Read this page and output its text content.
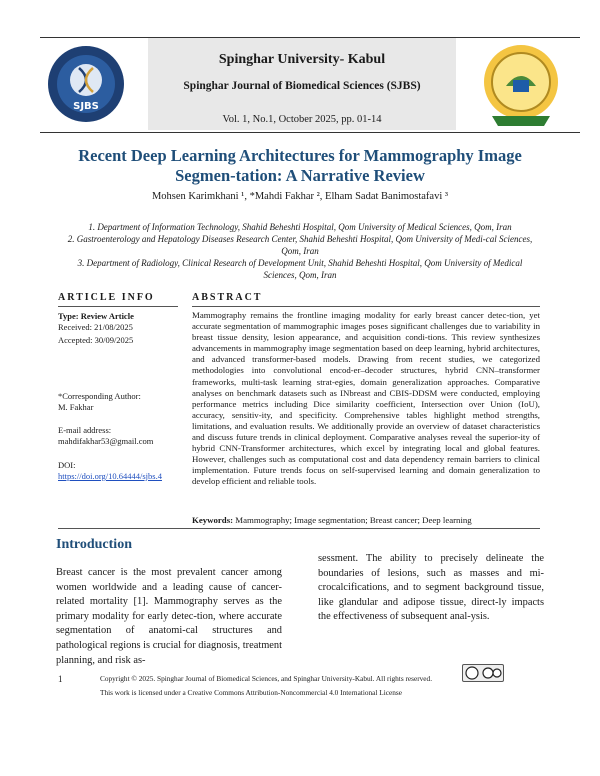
SJBS
Spinghar University- Kabul
Spinghar Journal of Biomedical Sciences (SJBS)
Vol. 1, No.1, October 2025, pp. 01-14
Recent Deep Learning Architectures for Mammography Image Segmen-tation: A Narrative Review
Mohsen Karimkhani ¹, *Mahdi Fakhar ², Elham Sadat Banimostafavi ³
1. Department of Information Technology, Shahid Beheshti Hospital, Qom University of Medical Sciences, Qom, Iran
2. Gastroenterology and Hepatology Diseases Research Center, Shahid Beheshti Hospital, Qom University of Medi-cal Sciences, Qom, Iran
3. Department of Radiology, Clinical Research of Development Unit, Shahid Beheshti Hospital, Qom University of Medical Sciences, Qom, Iran
ARTICLE INFO	ABSTRACT
Type: Review Article
Received: 21/08/2025
Accepted: 30/09/2025
*Corresponding Author:
M. Fakhar
E-mail address:
mahdifakhar53@gmail.com
DOI:
https://doi.org/10.64444/sjbs.4
Mammography remains the frontline imaging modality for early breast cancer detec-tion, yet accurate segmentation of mammographic images poses significant challenges due to variability in breast tissue density, lesion appearance, and acquisition condi-tions. This review synthesizes advancements in mammography image segmentation based on deep learning, hybrid architectures, and advanced transformer-based models. Drawing from recent studies, we categorized methodologies into convolutional encod-er–decoder structures, hybrid CNN–transformer frameworks, multi-task learning strat-egies, domain generalization approaches. Comparative analyses on benchmark datasets such as INbreast and CBIS-DDSM were conducted, employing performance metrics including Dice similarity coefficient, Intersection over Union (IoU), accuracy, sensitiv-ity, and specificity. Comprehensive tables highlight method strengths, limitations, and evaluation results. We additionally provide an overview of dataset characteristics and discuss future trends in clinical deployment. Comparative analyses reveal the superior-ity of hybrid CNN-Transformer architectures, which excel by integrating local and global features. However, challenges such as computational cost and data dependency remain barriers to clinical implementation. Future trends focus on self-supervised learning and domain generalization to develop efficient and reliable tools.
Keywords: Mammography; Image segmentation; Breast cancer; Deep learning
Introduction
Breast cancer is the most prevalent cancer among women worldwide and a leading cause of cancer-related mortality [1]. Mammography serves as the primary modality for early detec-tion, where accurate segmentation of anatomi-cal structures and pathological regions is crucial for diagnosis, treatment planning, and risk as-
sessment. The ability to precisely delineate the boundaries of lesions, such as masses and mi-crocalcifications, and to segment background tissue, like glandular and adipose tissue, direct-ly impacts the effectiveness of subsequent anal-ysis.
1	Copyright © 2025. Spinghar Journal of Biomedical Sciences, and Spinghar University-Kabul. All rights reserved.
This work is licensed under a Creative Commons Attribution-Noncommercial 4.0 International License
